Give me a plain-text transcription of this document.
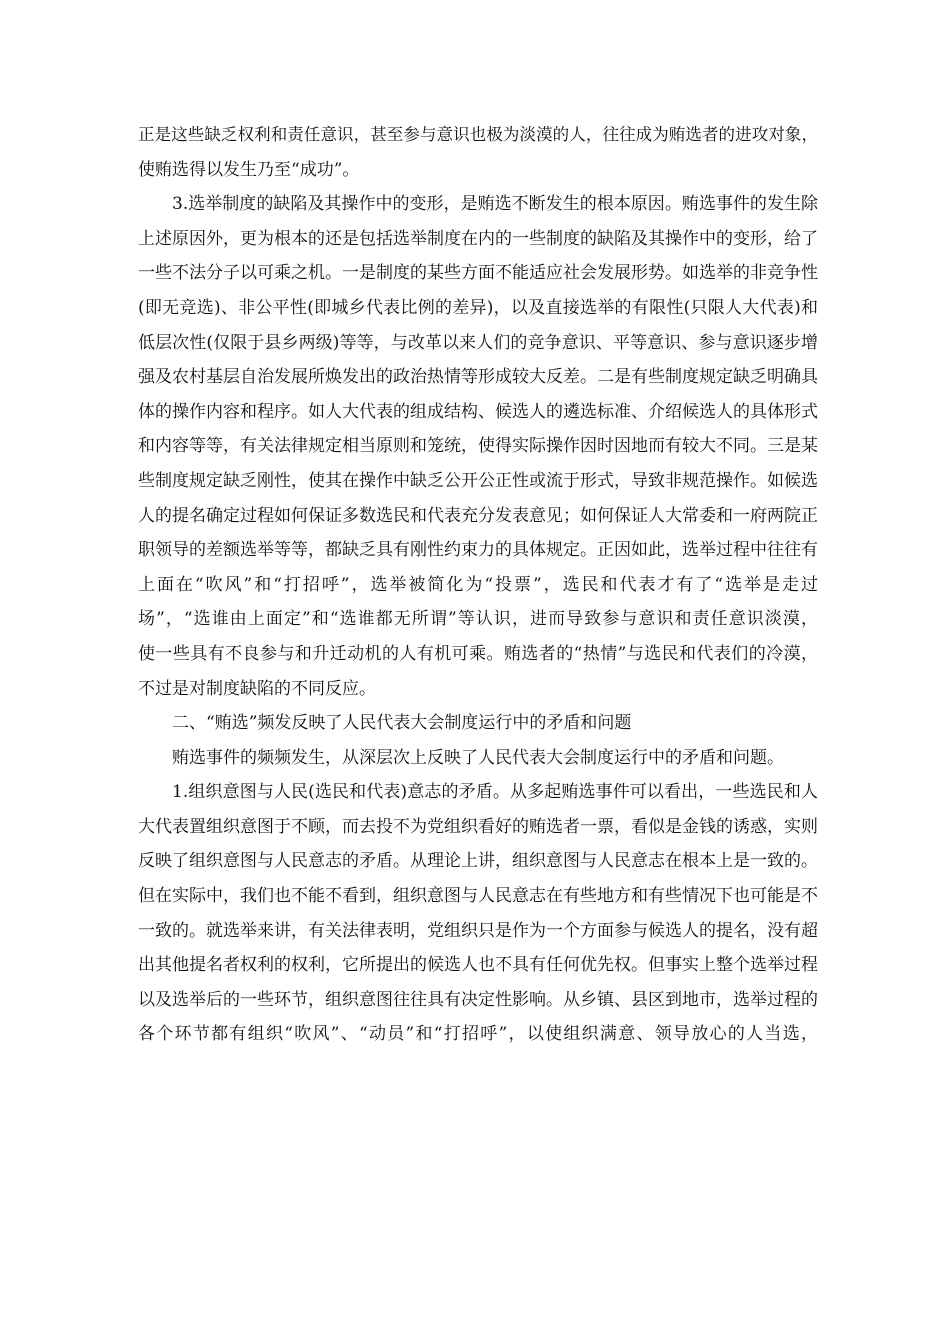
正是这些缺乏权利和责任意识，甚至参与意识也极为淡漠的人，往往成为贿选者的进攻对象，
使贿选得以发生乃至“成功”。
3.选举制度的缺陷及其操作中的变形，是贿选不断发生的根本原因。贿选事件的发生除
上述原因外，更为根本的还是包括选举制度在内的一些制度的缺陷及其操作中的变形，给了
一些不法分子以可乘之机。一是制度的某些方面不能适应社会发展形势。如选举的非竞争性
(即无竞选)、非公平性(即城乡代表比例的差异)，以及直接选举的有限性(只限人大代表)和
低层次性(仅限于县乡两级)等等，与改革以来人们的竞争意识、平等意识、参与意识逐步增
强及农村基层自治发展所焕发出的政治热情等形成较大反差。二是有些制度规定缺乏明确具
体的操作内容和程序。如人大代表的组成结构、候选人的遴选标准、介绍候选人的具体形式
和内容等等，有关法律规定相当原则和笼统，使得实际操作因时因地而有较大不同。三是某
些制度规定缺乏刚性，使其在操作中缺乏公开公正性或流于形式，导致非规范操作。如候选
人的提名确定过程如何保证多数选民和代表充分发表意见；如何保证人大常委和一府两院正
职领导的差额选举等等，都缺乏具有刚性约束力的具体规定。正因如此，选举过程中往往有
上面在“吹风”和“打招呼”，选举被简化为“投票”，选民和代表才有了“选举是走过
场”，“选谁由上面定”和“选谁都无所谓”等认识，进而导致参与意识和责任意识淡漠，
使一些具有不良参与和升迁动机的人有机可乘。贿选者的“热情”与选民和代表们的冷漠，
不过是对制度缺陷的不同反应。
二、“贿选”频发反映了人民代表大会制度运行中的矛盾和问题
贿选事件的频频发生，从深层次上反映了人民代表大会制度运行中的矛盾和问题。
1.组织意图与人民(选民和代表)意志的矛盾。从多起贿选事件可以看出，一些选民和人
大代表置组织意图于不顾，而去投不为党组织看好的贿选者一票，看似是金钱的诱惑，实则
反映了组织意图与人民意志的矛盾。从理论上讲，组织意图与人民意志在根本上是一致的。
但在实际中，我们也不能不看到，组织意图与人民意志在有些地方和有些情况下也可能是不
一致的。就选举来讲，有关法律表明，党组织只是作为一个方面参与候选人的提名，没有超
出其他提名者权利的权利，它所提出的候选人也不具有任何优先权。但事实上整个选举过程
以及选举后的一些环节，组织意图往往具有决定性影响。从乡镇、县区到地市，选举过程的
各个环节都有组织“吹风”、“动员”和“打招呼”，以使组织满意、领导放心的人当选，
